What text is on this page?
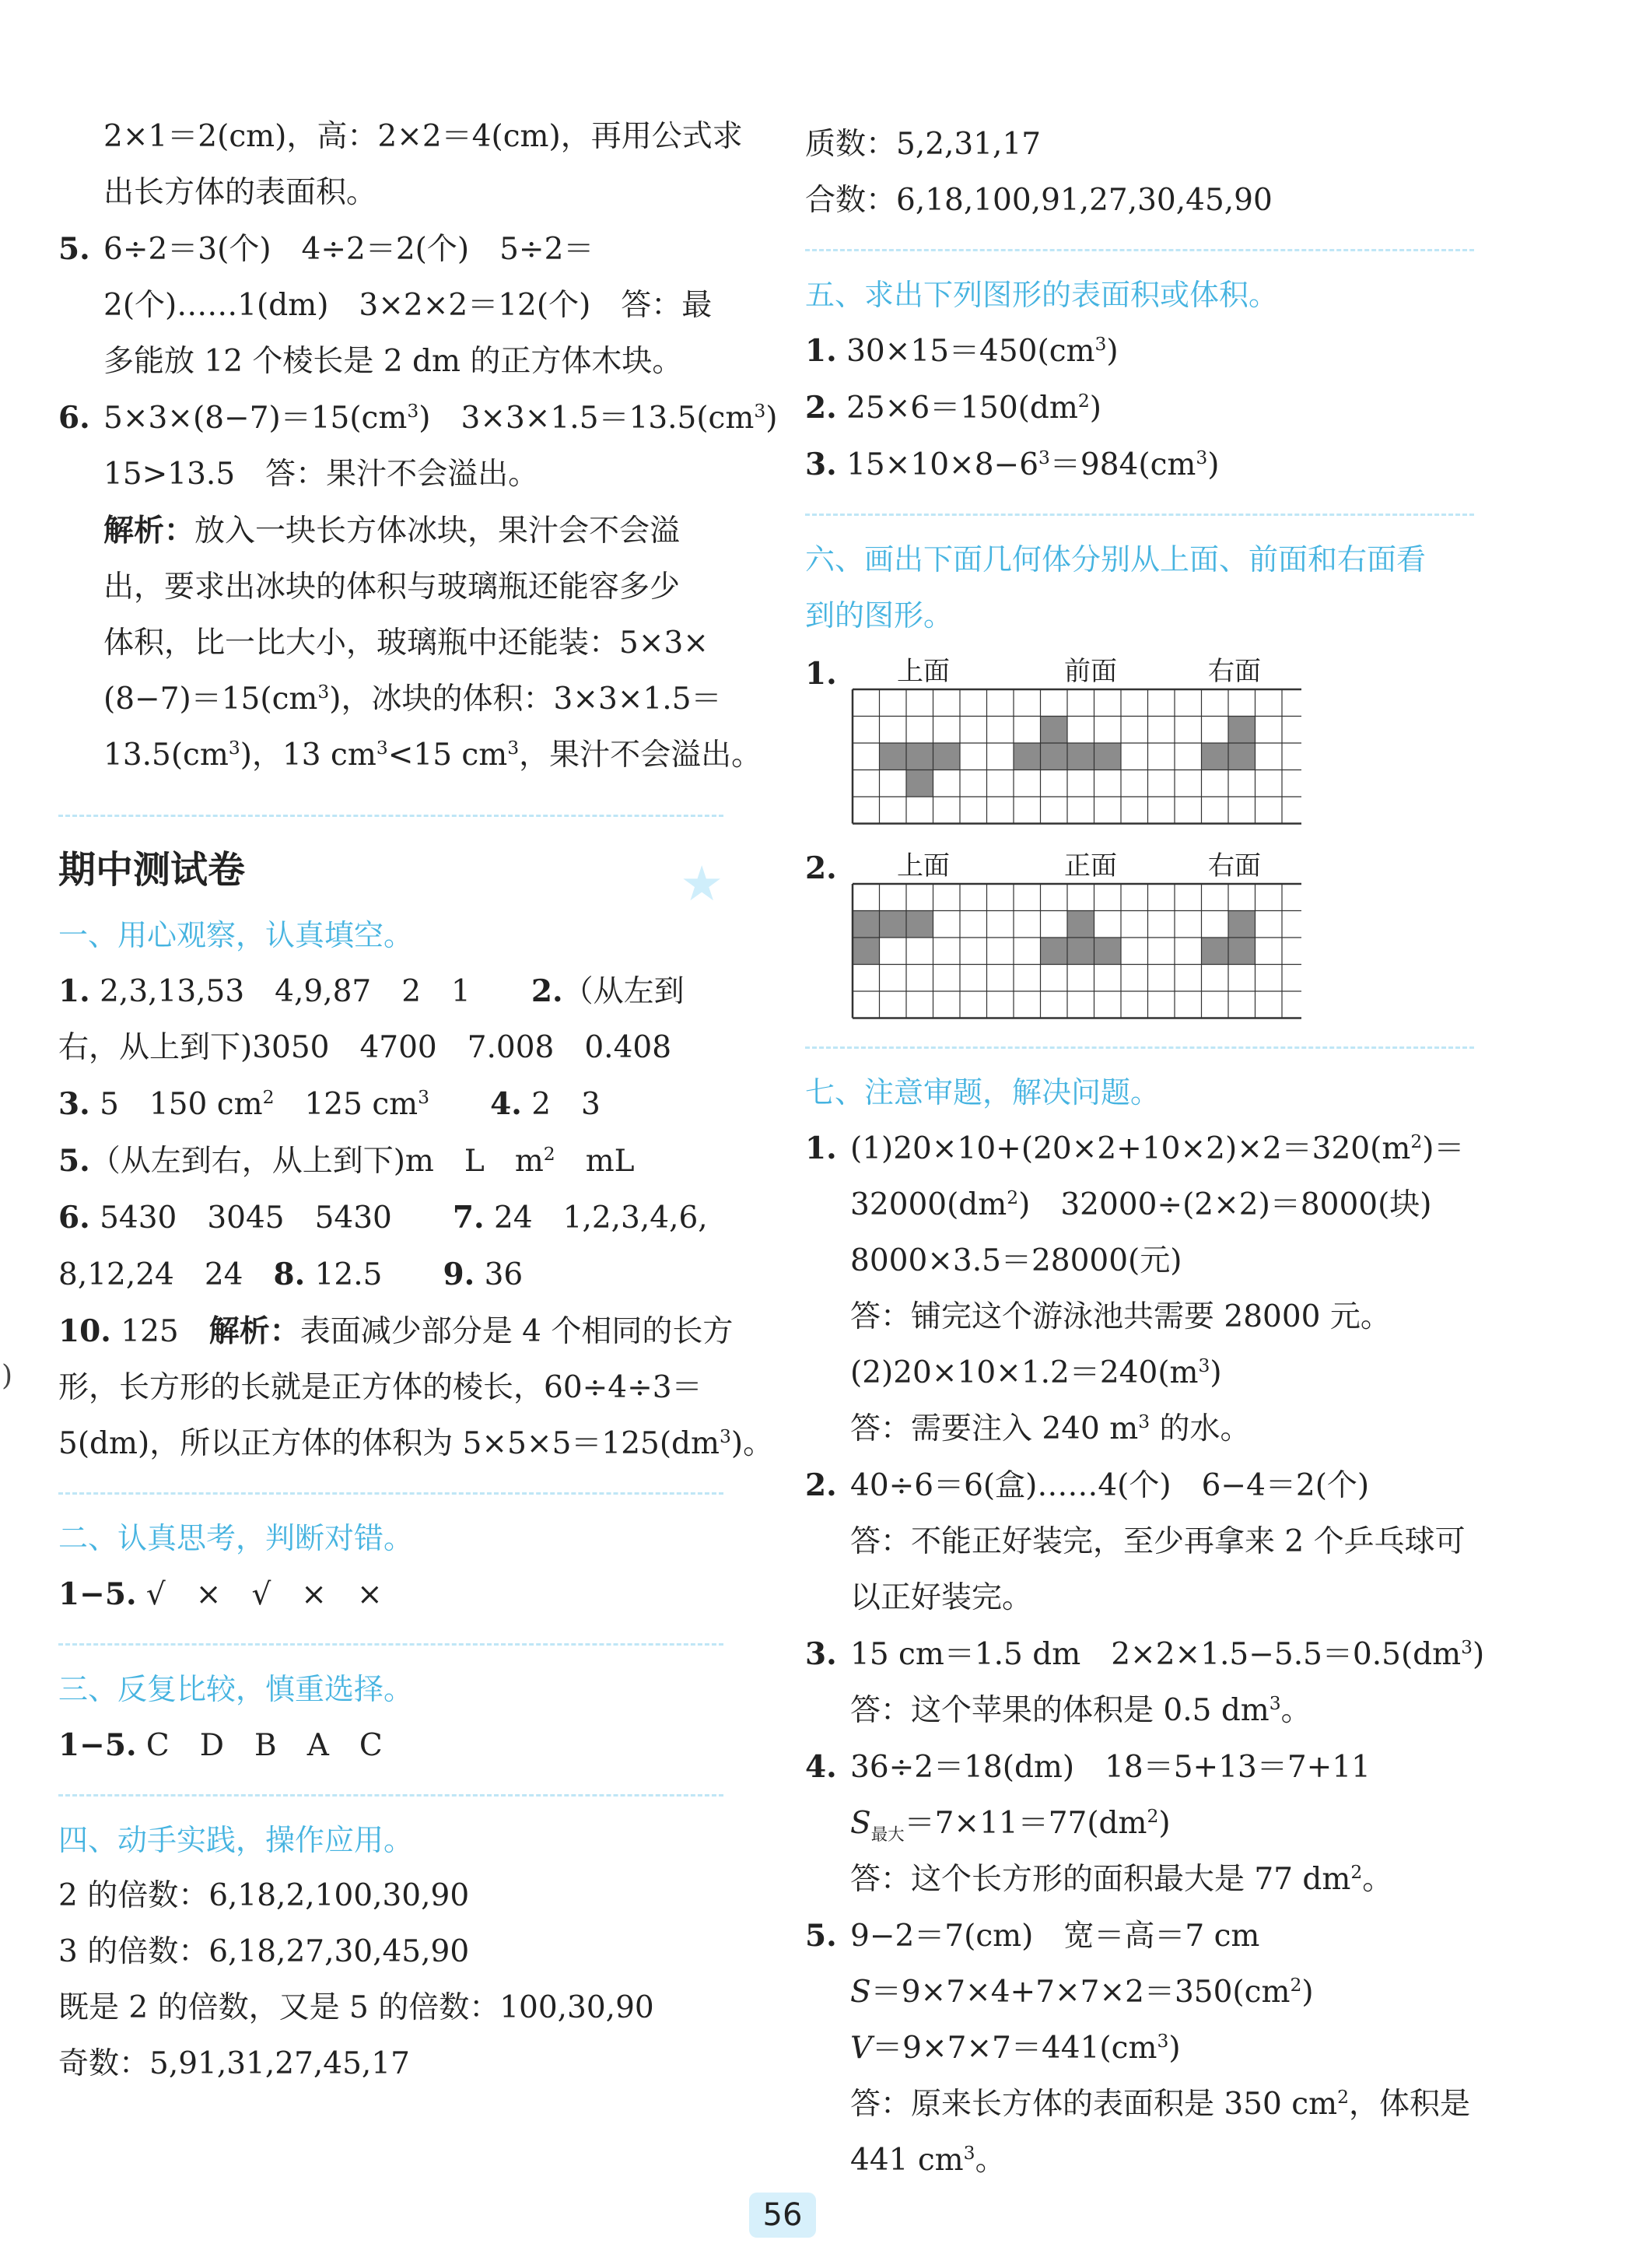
2×1＝2(cm)，高：2×2＝4(cm)，再用公式求
出长方体的表面积。
5. 6÷2＝3(个)　4÷2＝2(个)　5÷2＝
2(个)……1(dm)　3×2×2＝12(个)　答：最
多能放 12 个棱长是 2 dm 的正方体木块。
6. $5\times 3\times(8-7)=15(cm^3)$　$3\times 3\times 1.5=13.5(cm^3)$
15>13.5　答：果汁不会溢出。
解析：放入一块长方体冰块，果汁会不会溢
出，要求出冰块的体积与玻璃瓶还能容多少
体积，比一比大小，玻璃瓶中还能装：5×3×
$(8-7)=15(cm^3)$，冰块的体积：3×3×1.5＝
$13.5(cm^3)$，13 $cm^3<15$ $cm^3$，果汁不会溢出。
期中测试卷	★
一、用心观察，认真填空。
1. 2,3,13,53　4,9,87　2　1　　2.（从左到
右，从上到下)3050　4700　7.008　0.408
3. 5　150 $cm^2$　125 $cm^3$　　 4. 2　3
5.（从左到右，从上到下)m　L　$m^2$　mL
6. 5430　3045　5430　　7. 24　1,2,3,4,6,
8,12,24　24　8. 12.5　　9. 36
10. 125　解析：表面减少部分是 4 个相同的长方
形，长方形的长就是正方体的棱长，60÷4÷3＝
5(dm)，所以正方体的体积为 $5\times 5\times 5=125(dm^3)$。
二、认真思考，判断对错。
1−5. √　×　√　×　×
三、反复比较，慎重选择。
1−5. C　D　B　A　C
四、动手实践，操作应用。
2 的倍数：6,18,2,100,30,90
3 的倍数：6,18,27,30,45,90
既是 2 的倍数，又是 5 的倍数：100,30,90
奇数：5,91,31,27,45,17
质数：5,2,31,17
合数：6,18,100,91,27,30,45,90
五、求出下列图形的表面积或体积。
1. $30\times 15=450(cm^3)$
2. $25\times 6=150(dm^2)$
3. $15\times 10\times 8-6^3=984(cm^3)$
六、画出下面几何体分别从上面、前面和右面看
到的图形。
1.	上面	前面	右面
2.	上面	正面	右面
七、注意审题，解决问题。
1. $(1)20\times 10+(20\times 2+10\times 2)\times 2=320(m^2)=$
$32000(dm^2)$　32000÷(2×2)＝8000(块)
8000×3.5＝28000(元)
答：铺完这个游泳池共需要 28000 元。
$(2)20\times 10\times 1.2=240(m^3)$
答：需要注入 240 $m^3$ 的水。
2. 40÷6＝6(盒)……4(个)　6−4＝2(个)
答：不能正好装完，至少再拿来 2 个乒乓球可
以正好装完。
3. 15 cm＝1.5 dm　$2\times 2\times 1.5-5.5=0.5(dm^3)$
答：这个苹果的体积是 0.5 $dm^3$。
4. 36÷2＝18(dm)　18＝5+13＝7+11
$S_{最大}=7\times 11=77(dm^2)$
答：这个长方形的面积最大是 77 $dm^2$。
5. 9−2＝7(cm)　宽＝高＝7 cm
$S=9\times 7\times 4+7\times 7\times 2=350(cm^2)$
$V=9\times 7\times 7=441(cm^3)$
答：原来长方体的表面积是 350 $cm^2$，体积是
441 $cm^3$。
)
56
